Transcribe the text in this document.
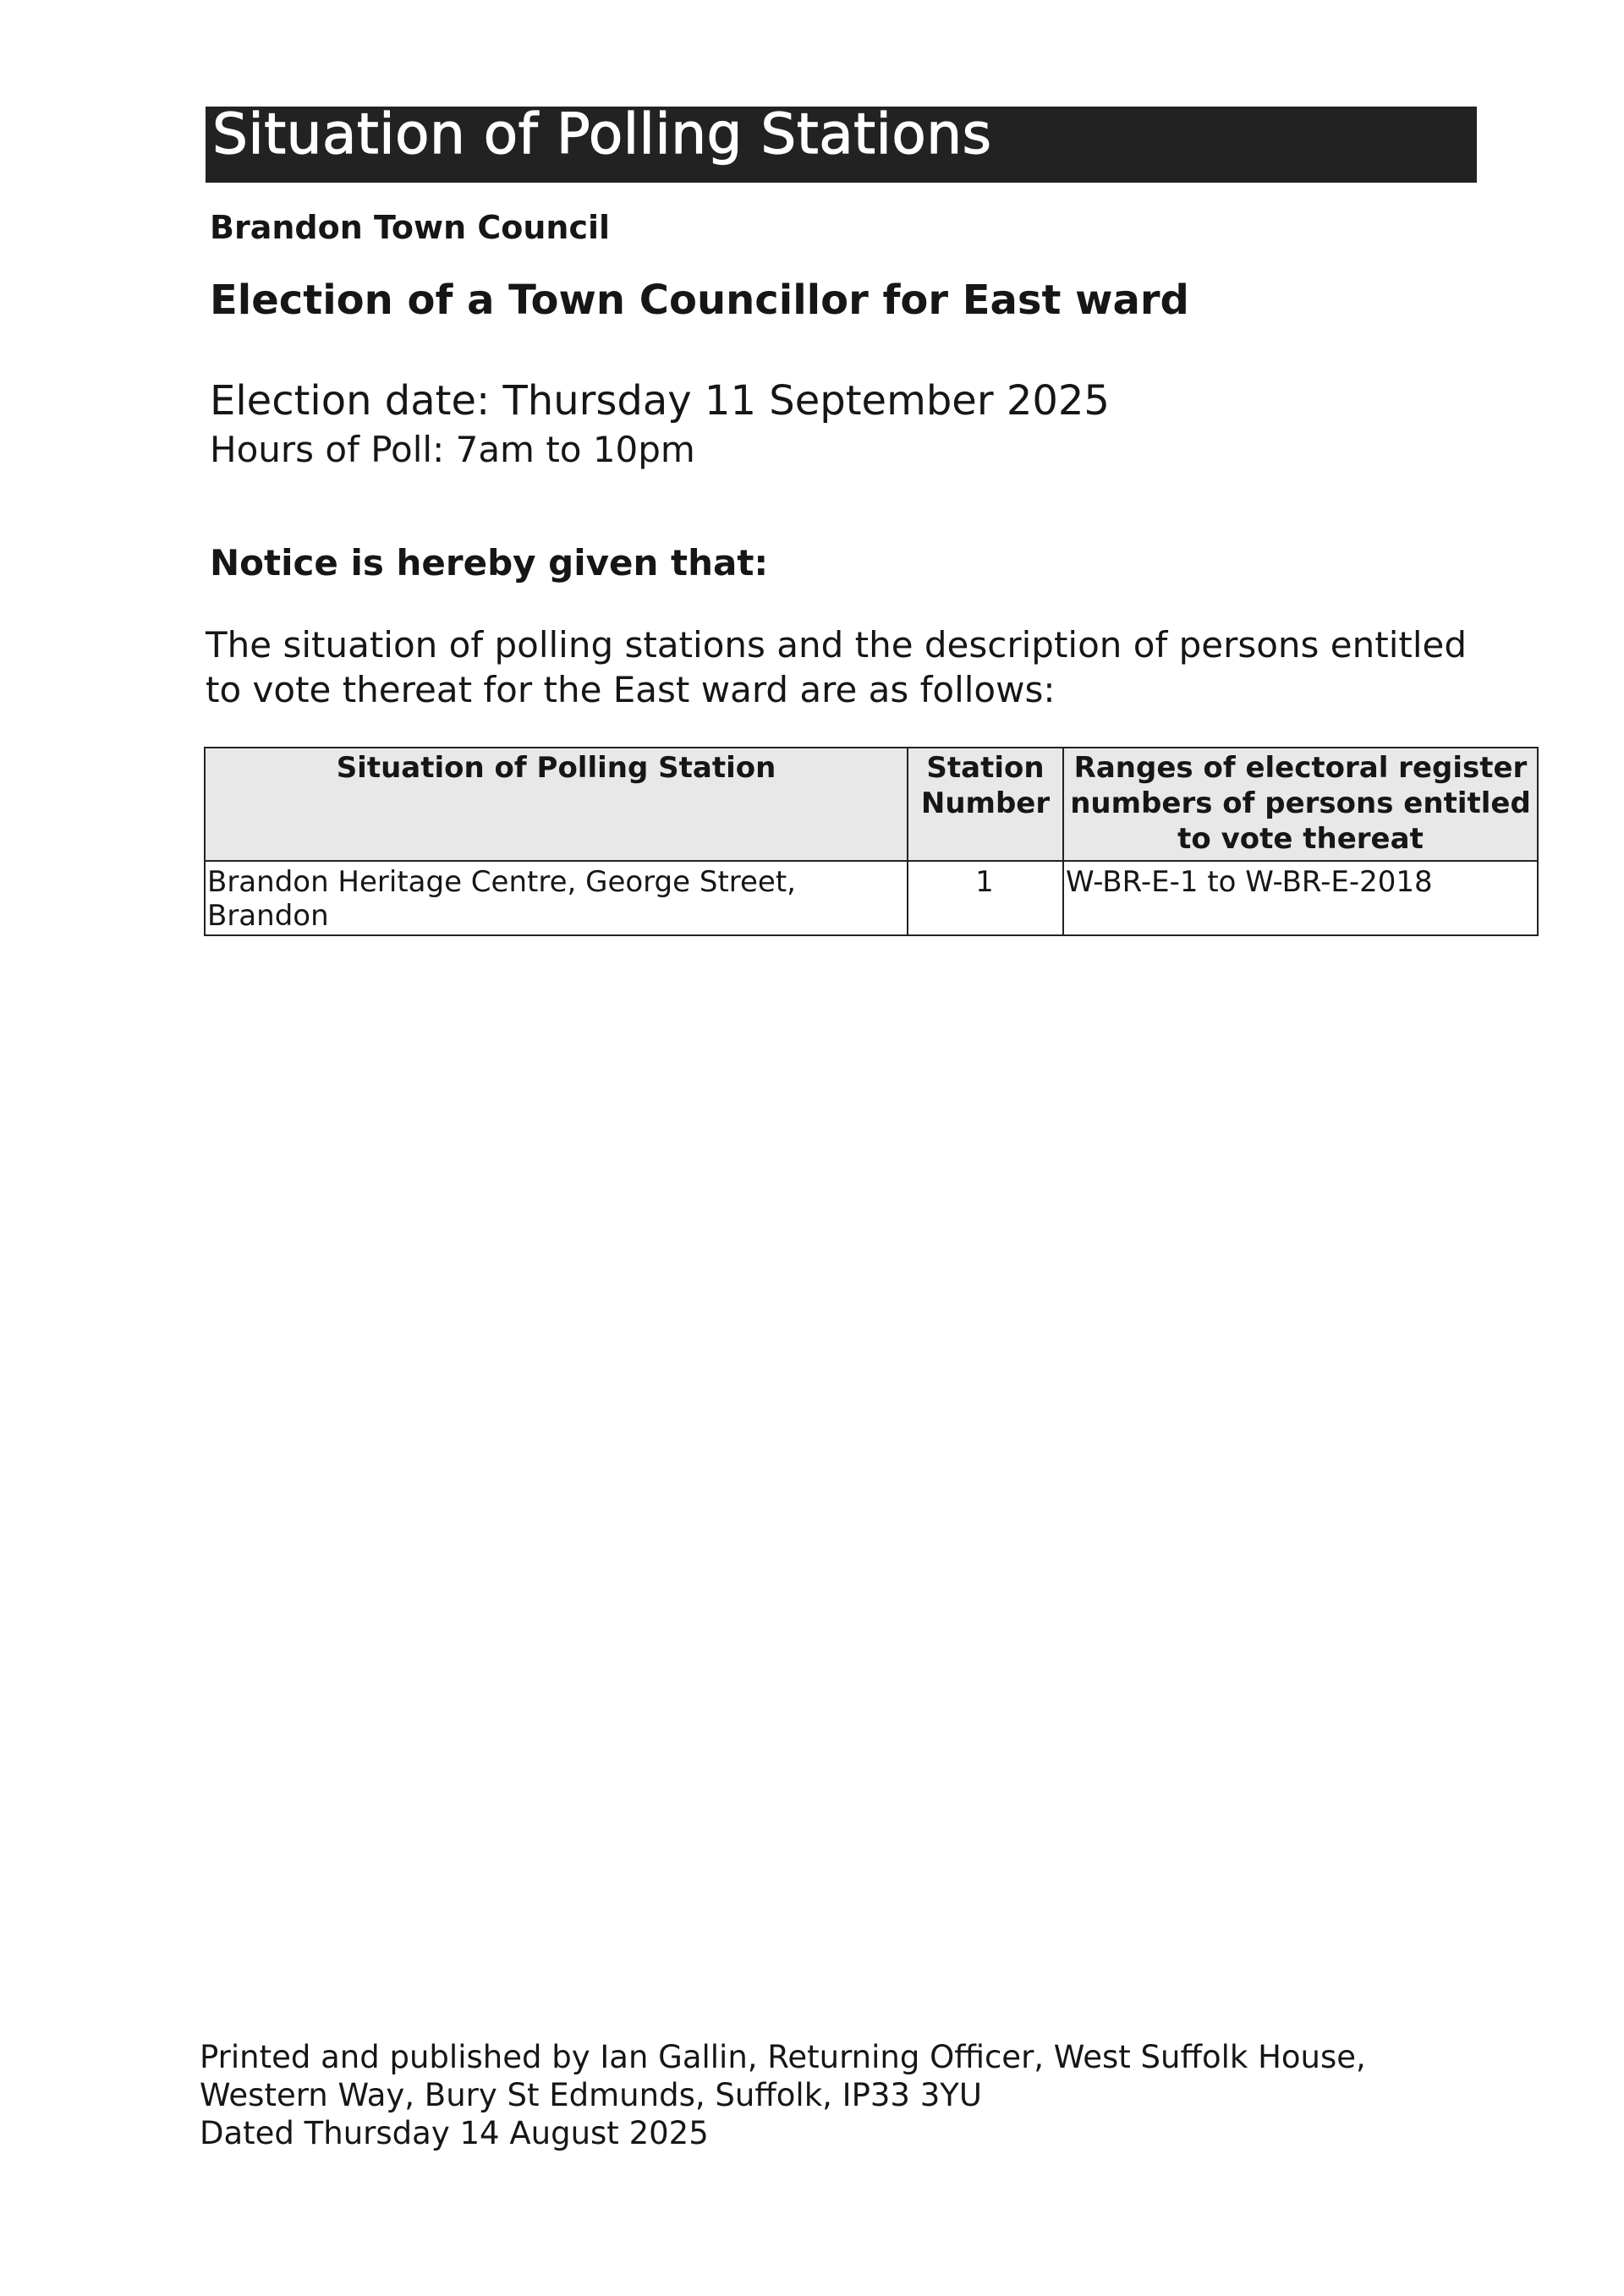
Situation of Polling Stations
Brandon Town Council
Election of a Town Councillor for East ward
Election date: Thursday 11 September 2025
Hours of Poll: 7am to 10pm
Notice is hereby given that:
The situation of polling stations and the description of persons entitled to vote thereat for the East ward are as follows:
Situation of Polling Station	Station Number	Ranges of electoral register numbers of persons entitled to vote thereat
Brandon Heritage Centre, George Street, Brandon	1	W-BR-E-1 to W-BR-E-2018
Printed and published by Ian Gallin, Returning Officer, West Suffolk House,
Western Way, Bury St Edmunds, Suffolk, IP33 3YU
Dated Thursday 14 August 2025
